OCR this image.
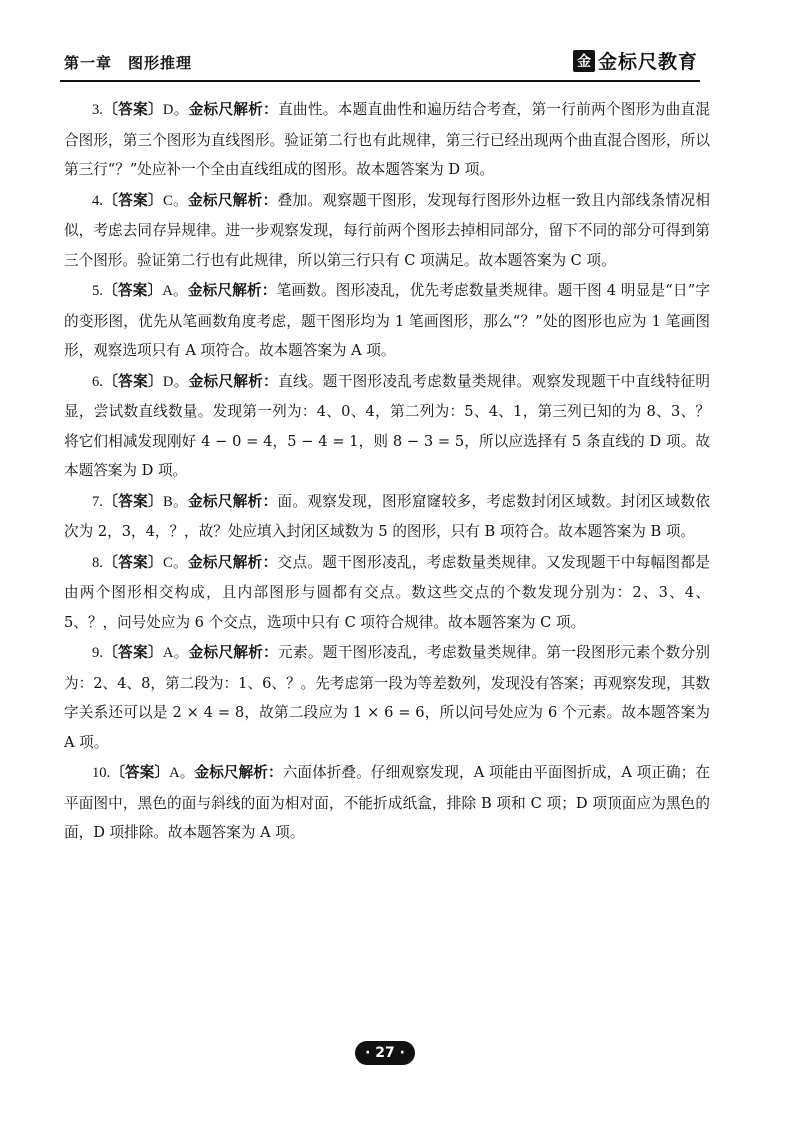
第一章　图形推理	金 金标尺教育

3.〔答案〕D。金标尺解析：直曲性。本题直曲性和遍历结合考查，第一行前两个图形为曲直混合图形，第三个图形为直线图形。验证第二行也有此规律，第三行已经出现两个曲直混合图形，所以第三行“？”处应补一个全由直线组成的图形。故本题答案为 D 项。

4.〔答案〕C。金标尺解析：叠加。观察题干图形，发现每行图形外边框一致且内部线条情况相似，考虑去同存异规律。进一步观察发现，每行前两个图形去掉相同部分，留下不同的部分可得到第三个图形。验证第二行也有此规律，所以第三行只有 C 项满足。故本题答案为 C 项。

5.〔答案〕A。金标尺解析：笔画数。图形凌乱，优先考虑数量类规律。题干图 4 明显是“日”字的变形图，优先从笔画数角度考虑，题干图形均为 1 笔画图形，那么“？”处的图形也应为 1 笔画图形，观察选项只有 A 项符合。故本题答案为 A 项。

6.〔答案〕D。金标尺解析：直线。题干图形凌乱考虑数量类规律。观察发现题干中直线特征明显，尝试数直线数量。发现第一列为：4、0、4，第二列为：5、4、1，第三列已知的为 8、3、？将它们相减发现刚好 4 − 0 = 4，5 − 4 = 1，则 8 − 3 = 5，所以应选择有 5 条直线的 D 项。故本题答案为 D 项。

7.〔答案〕B。金标尺解析：面。观察发现，图形窟窿较多，考虑数封闭区域数。封闭区域数依次为 2，3，4，？，故？处应填入封闭区域数为 5 的图形，只有 B 项符合。故本题答案为 B 项。

8.〔答案〕C。金标尺解析：交点。题干图形凌乱，考虑数量类规律。又发现题干中每幅图都是由两个图形相交构成，且内部图形与圆都有交点。数这些交点的个数发现分别为：2、3、4、5、？，问号处应为 6 个交点，选项中只有 C 项符合规律。故本题答案为 C 项。

9.〔答案〕A。金标尺解析：元素。题干图形凌乱，考虑数量类规律。第一段图形元素个数分别为：2、4、8，第二段为：1、6、？。先考虑第一段为等差数列，发现没有答案；再观察发现，其数字关系还可以是 2 × 4 = 8，故第二段应为 1 × 6 = 6，所以问号处应为 6 个元素。故本题答案为 A 项。

10.〔答案〕A。金标尺解析：六面体折叠。仔细观察发现，A 项能由平面图折成，A 项正确；在平面图中，黑色的面与斜线的面为相对面，不能折成纸盒，排除 B 项和 C 项；D 项顶面应为黑色的面，D 项排除。故本题答案为 A 项。

· 27 ·
